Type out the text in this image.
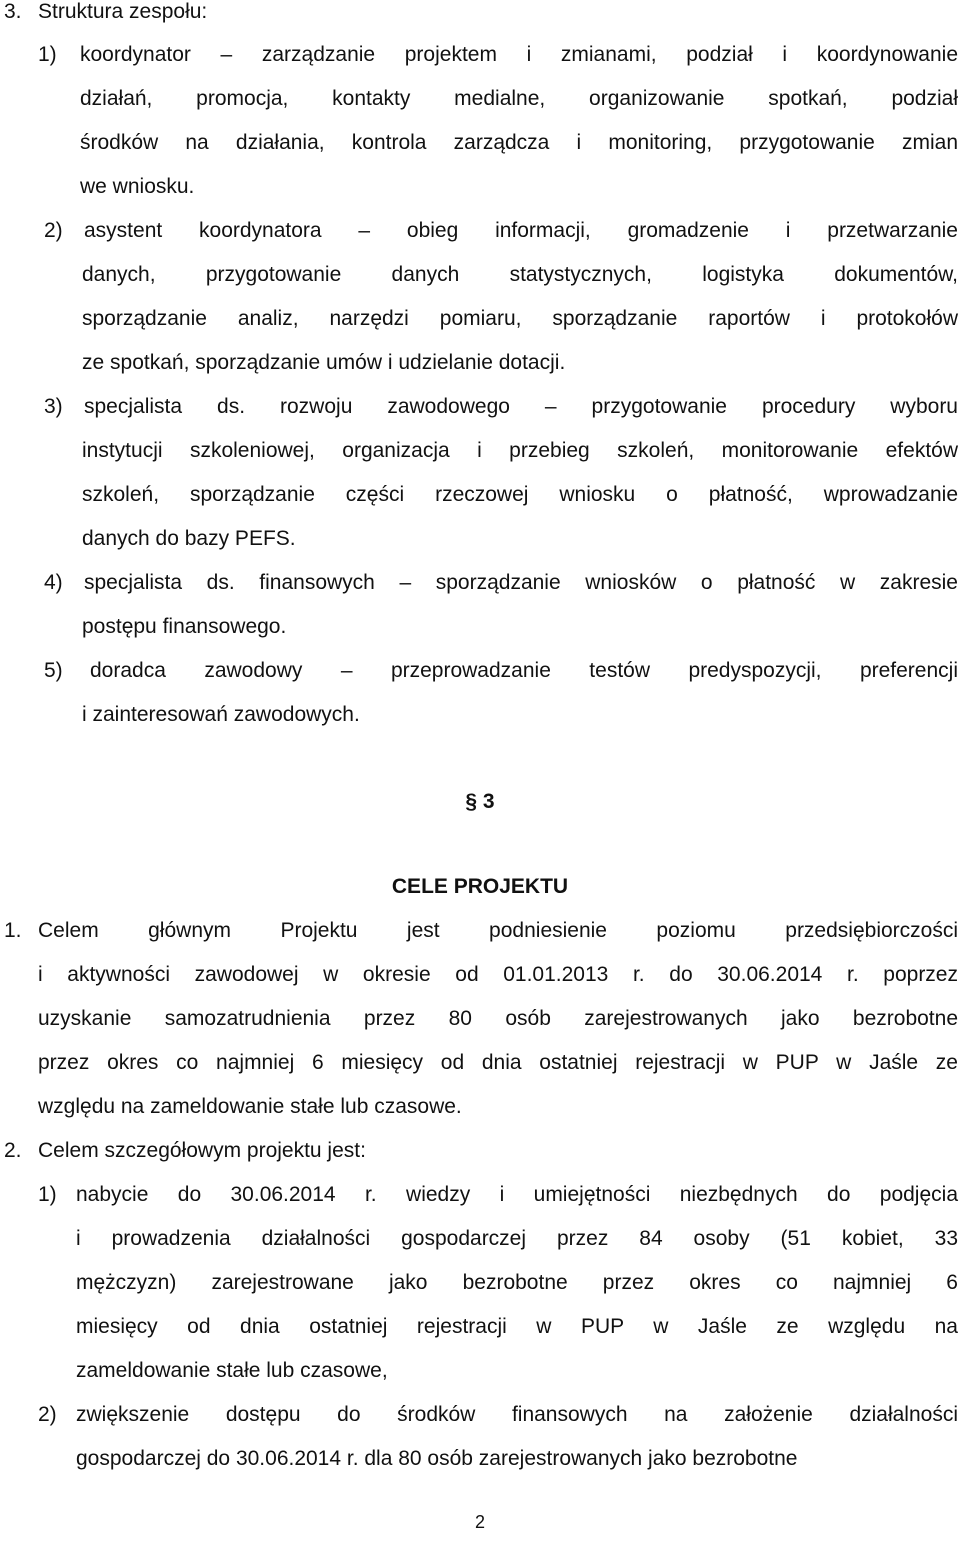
3. Struktura zespołu:
1) koordynator – zarządzanie projektem i zmianami, podział i koordynowanie
działań, promocja, kontakty medialne, organizowanie spotkań, podział
środków na działania, kontrola zarządcza i monitoring, przygotowanie zmian
we wniosku.
2) asystent koordynatora – obieg informacji, gromadzenie i przetwarzanie
danych, przygotowanie danych statystycznych, logistyka dokumentów,
sporządzanie analiz, narzędzi pomiaru, sporządzanie raportów i protokołów
ze spotkań, sporządzanie umów i udzielanie dotacji.
3) specjalista ds. rozwoju zawodowego – przygotowanie procedury wyboru
instytucji szkoleniowej, organizacja i przebieg szkoleń, monitorowanie efektów
szkoleń, sporządzanie części rzeczowej wniosku o płatność, wprowadzanie
danych do bazy PEFS.
4) specjalista ds. finansowych – sporządzanie wniosków o płatność w zakresie
postępu finansowego.
5) doradca zawodowy – przeprowadzanie testów predyspozycji, preferencji
i zainteresowań zawodowych.
§ 3
CELE PROJEKTU
1. Celem głównym Projektu jest podniesienie poziomu przedsiębiorczości
i aktywności zawodowej w okresie od 01.01.2013 r. do 30.06.2014 r. poprzez
uzyskanie samozatrudnienia przez 80 osób zarejestrowanych jako bezrobotne
przez okres co najmniej 6 miesięcy od dnia ostatniej rejestracji w PUP w Jaśle ze
względu na zameldowanie stałe lub czasowe.
2. Celem szczegółowym projektu jest:
1) nabycie do 30.06.2014 r. wiedzy i umiejętności niezbędnych do podjęcia
i prowadzenia działalności gospodarczej przez 84 osoby (51 kobiet, 33
mężczyzn) zarejestrowane jako bezrobotne przez okres co najmniej 6
miesięcy od dnia ostatniej rejestracji w PUP w Jaśle ze względu na
zameldowanie stałe lub czasowe,
2) zwiększenie dostępu do środków finansowych na założenie działalności
gospodarczej do 30.06.2014 r. dla 80 osób zarejestrowanych jako bezrobotne
2
